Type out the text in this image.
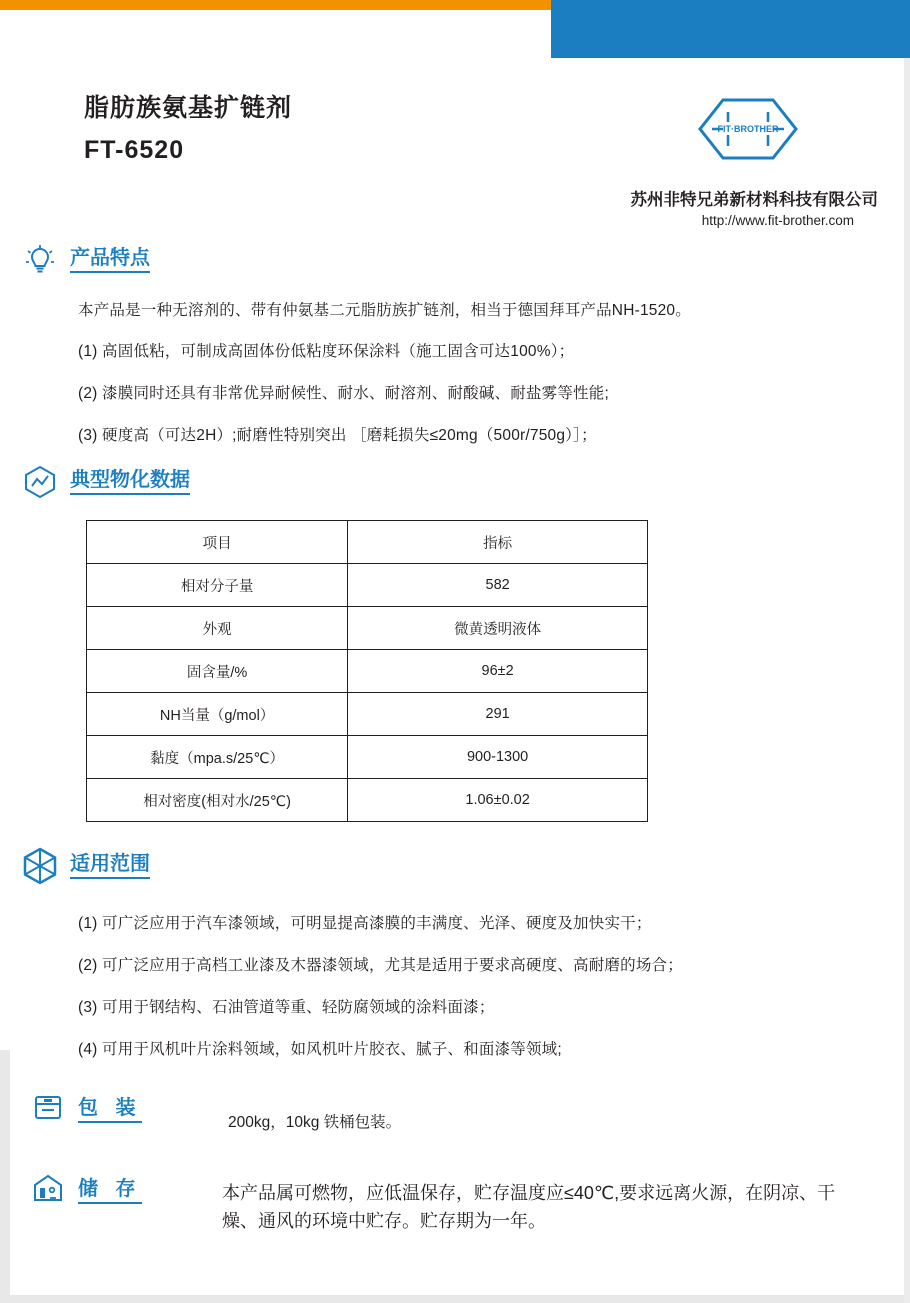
脂肪族氨基扩链剂
FT-6520
FIT·BROTHER
苏州非特兄弟新材料科技有限公司
http://www.fit-brother.com
产品特点
本产品是一种无溶剂的、带有仲氨基二元脂肪族扩链剂，相当于德国拜耳产品NH-1520。
(1) 高固低粘，可制成高固体份低粘度环保涂料（施工固含可达100%）；
(2) 漆膜同时还具有非常优异耐候性、耐水、耐溶剂、耐酸碱、耐盐雾等性能;
(3) 硬度高（可达2H）;耐磨性特别突出 ［磨耗损失≤20mg（500r/750g）］；
典型物化数据
项目	指标
相对分子量	582
外观	微黄透明液体
固含量/%	96±2
NH当量（g/mol）	291
黏度（mpa.s/25℃）	900-1300
相对密度(相对水/25℃)	1.06±0.02
适用范围
(1) 可广泛应用于汽车漆领域，可明显提高漆膜的丰满度、光泽、硬度及加快实干；
(2) 可广泛应用于高档工业漆及木器漆领域，尤其是适用于要求高硬度、高耐磨的场合；
(3) 可用于钢结构、石油管道等重、轻防腐领域的涂料面漆；
(4) 可用于风机叶片涂料领域，如风机叶片胶衣、腻子、和面漆等领域;
包 装
200kg，10kg 铁桶包装。
储 存	本产品属可燃物，应低温保存，贮存温度应≤40℃,要求远离火源，在阴凉、干燥、通风的环境中贮存。贮存期为一年。
